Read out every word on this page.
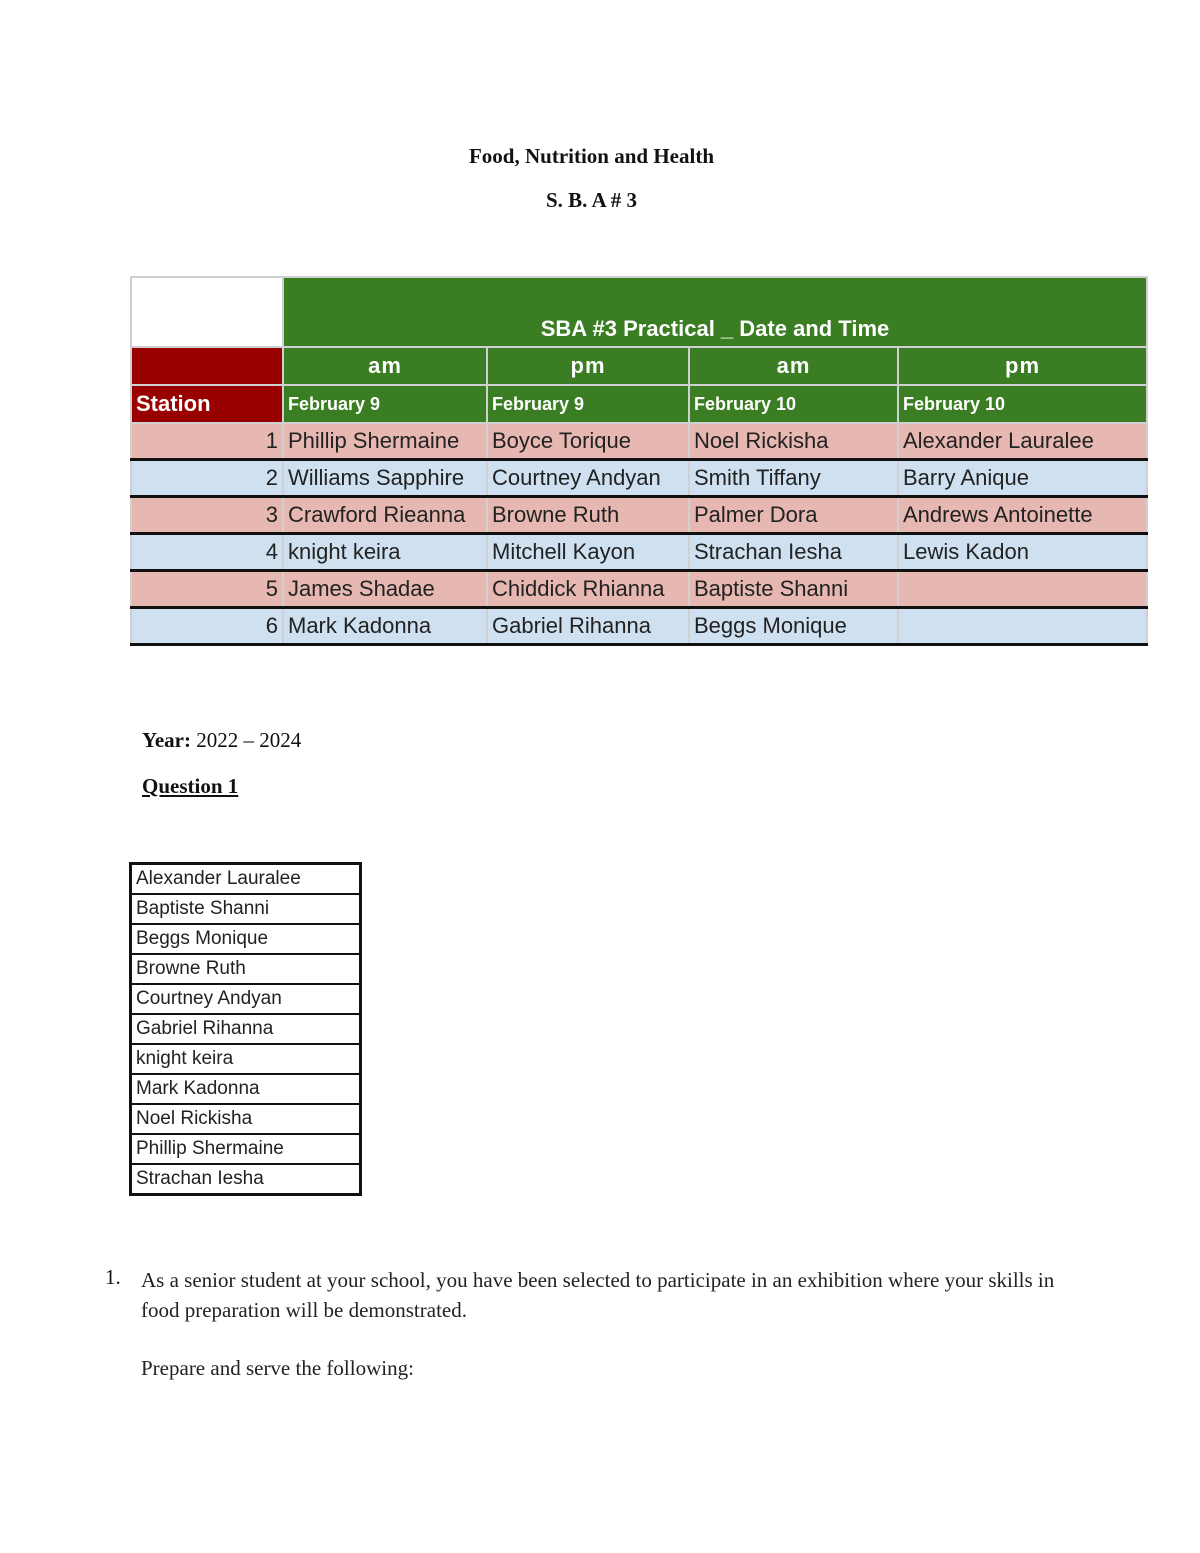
Food, Nutrition and Health
S. B. A # 3
	SBA #3 Practical _ Date and Time			
	am	pm	am	pm
Station	February 9	February 9	February 10	February 10
1	Phillip Shermaine	Boyce Torique	Noel Rickisha	Alexander Lauralee
2	Williams Sapphire	Courtney Andyan	Smith Tiffany	Barry Anique
3	Crawford Rieanna	Browne Ruth	Palmer Dora	Andrews Antoinette
4	knight keira	Mitchell Kayon	Strachan Iesha	Lewis Kadon
5	James Shadae	Chiddick Rhianna	Baptiste Shanni	
6	Mark Kadonna	Gabriel Rihanna	Beggs Monique	
Year: 2022 – 2024
Question 1
Alexander Lauralee
Baptiste Shanni
Beggs Monique
Browne Ruth
Courtney Andyan
Gabriel Rihanna
knight keira
Mark Kadonna
Noel Rickisha
Phillip Shermaine
Strachan Iesha
1. As a senior student at your school, you have been selected to participate in an exhibition where your skills in food preparation will be demonstrated.
Prepare and serve the following:
